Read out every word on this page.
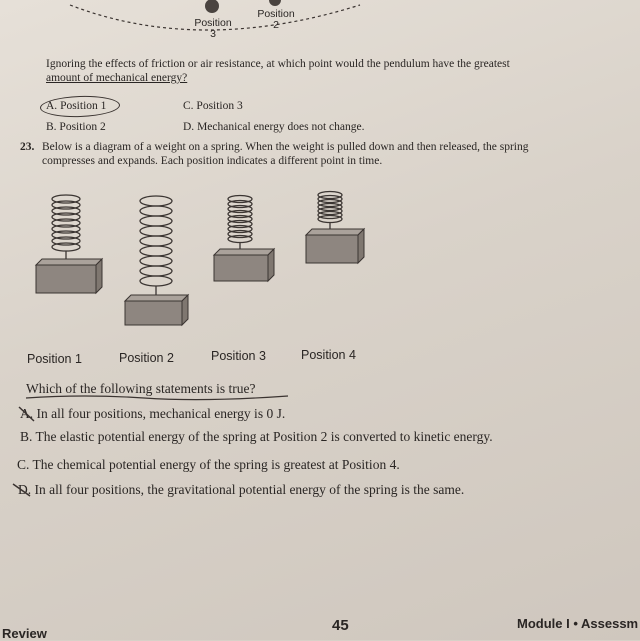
Position
3
Position
2
Ignoring the effects of friction or air resistance, at which point would the pendulum have the greatest
amount of mechanical energy?
A. Position 1
B. Position 2
C. Position 3
D. Mechanical energy does not change.
23. Below is a diagram of a weight on a spring. When the weight is pulled down and then released, the spring
compresses and expands. Each position indicates a different point in time.
Position 1	Position 2	Position 3	Position 4
Which of the following statements is true?
A. In all four positions, mechanical energy is 0 J.
B. The elastic potential energy of the spring at Position 2 is converted to kinetic energy.
C. The chemical potential energy of the spring is greatest at Position 4.
D. In all four positions, the gravitational potential energy of the spring is the same.
45
Review
Module I • Assessm
